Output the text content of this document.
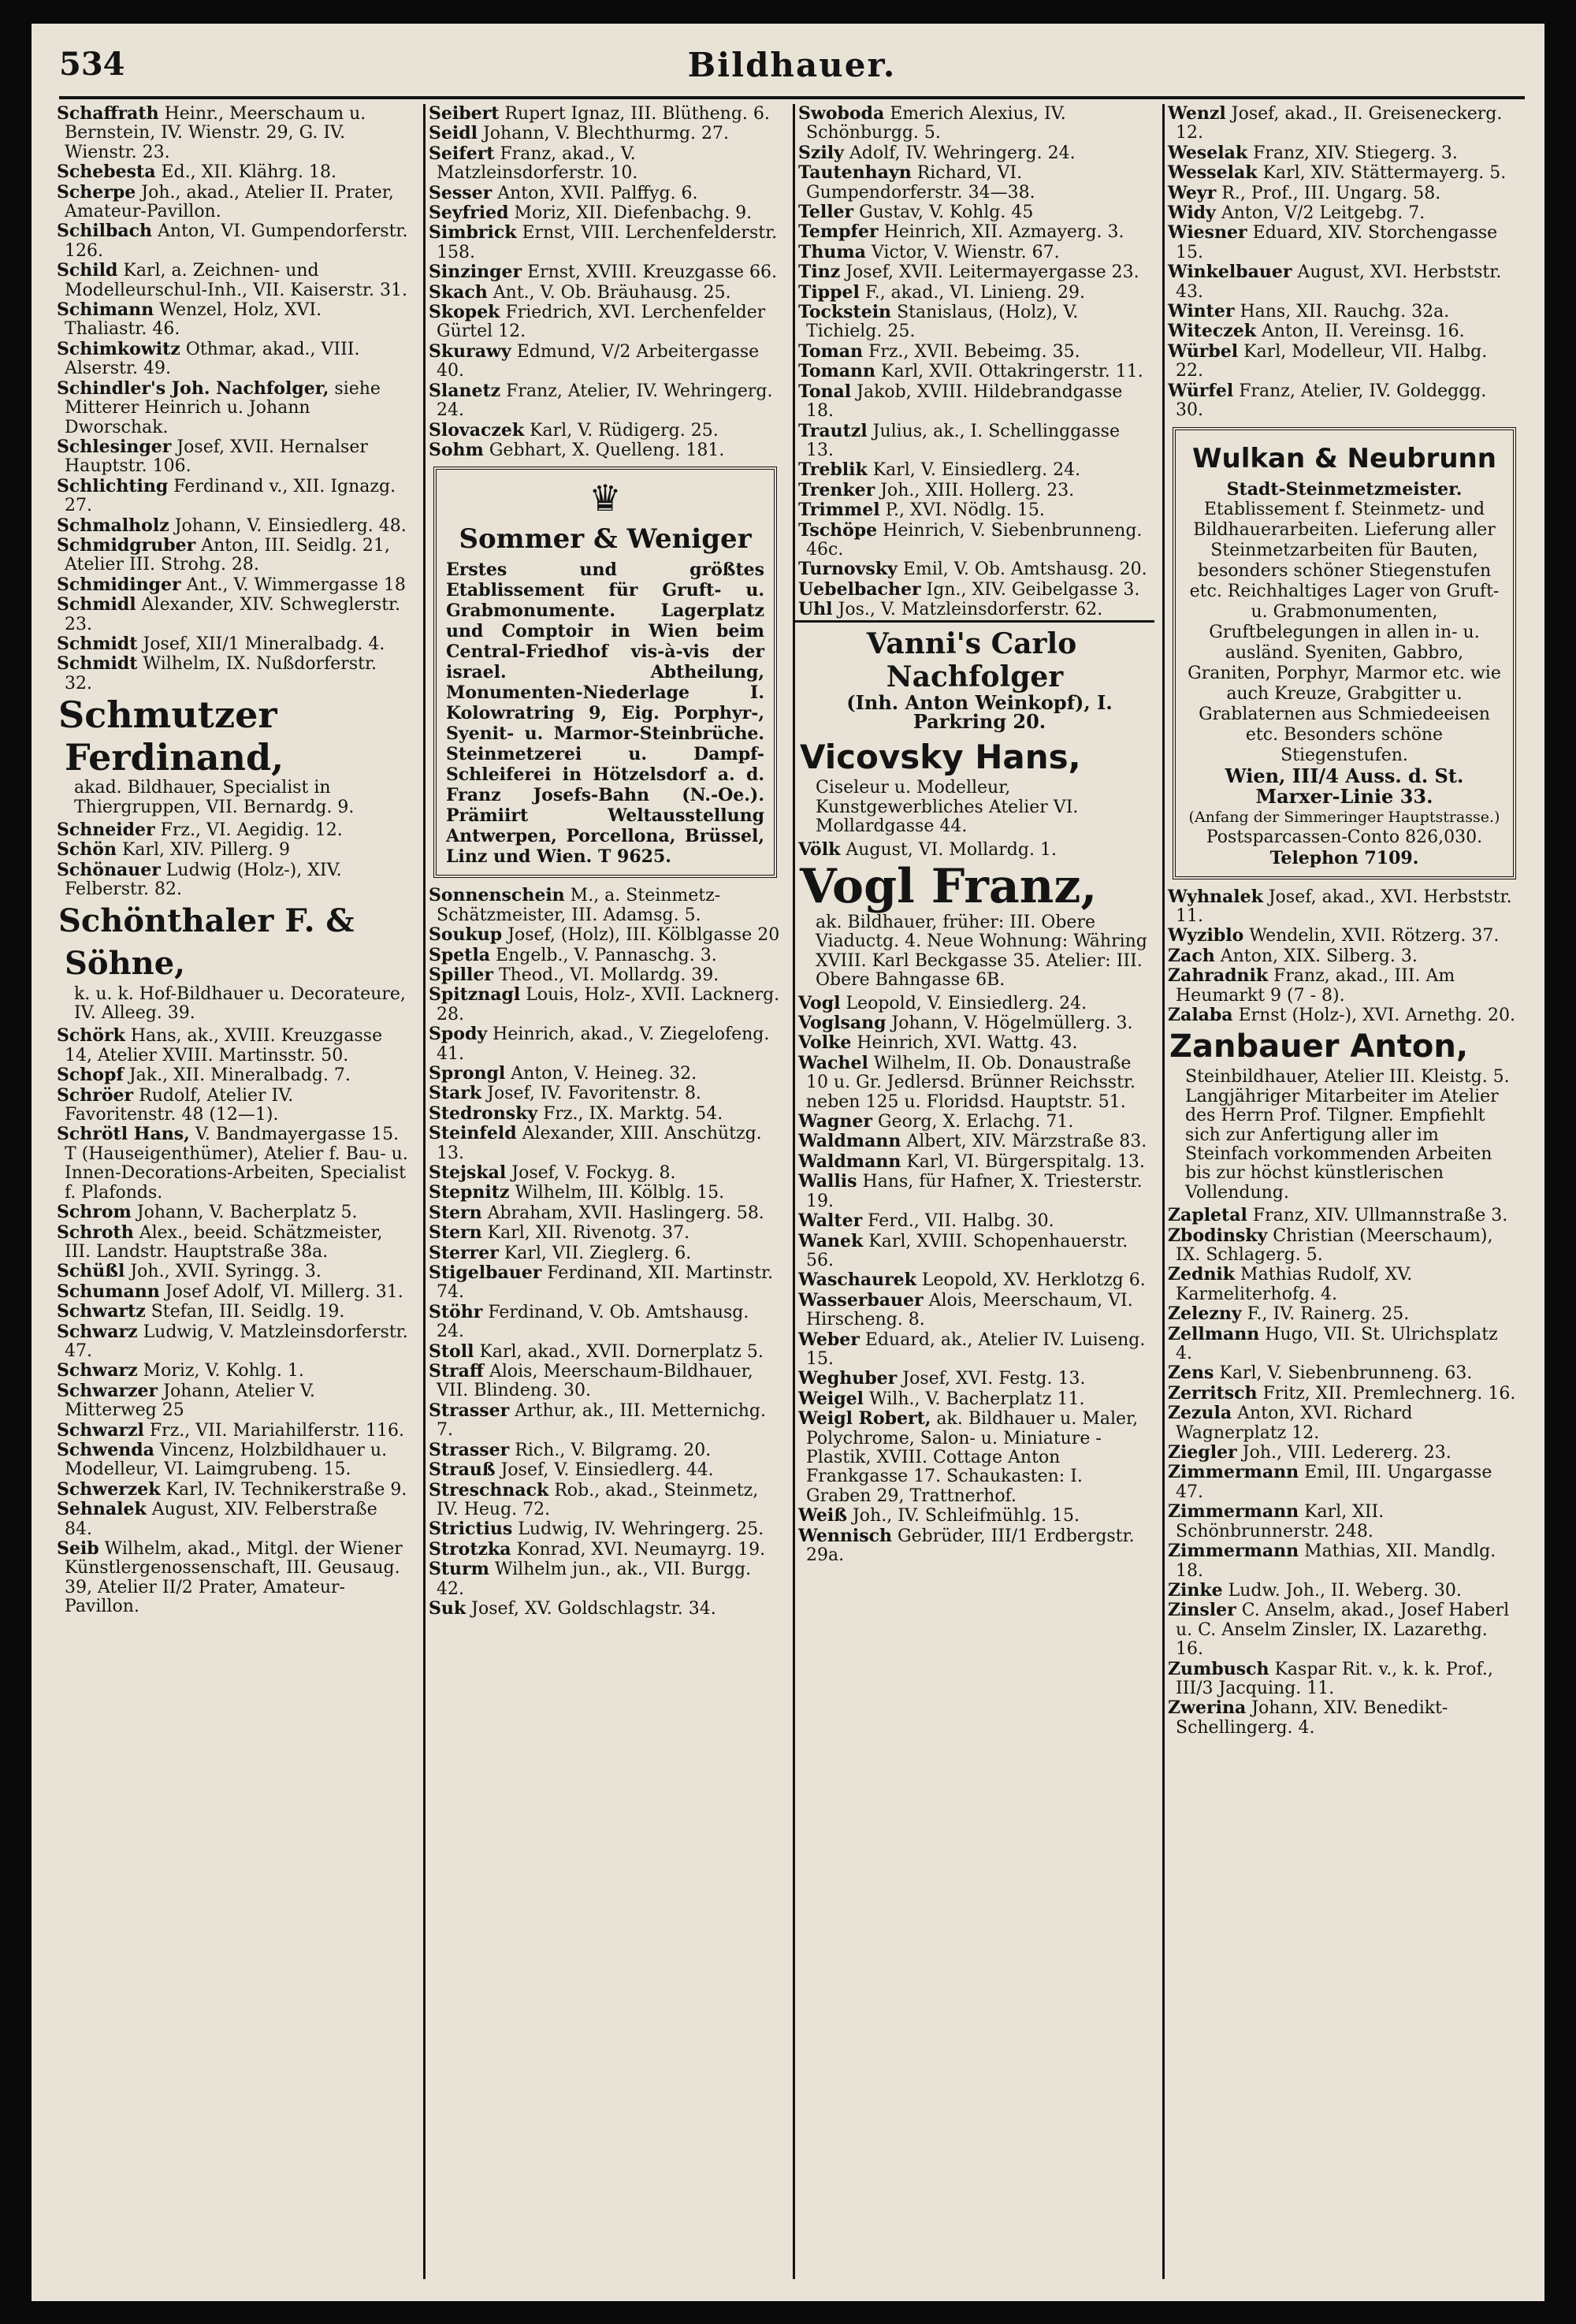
534	Bildhauer.
Schaffrath Heinr., Meerschaum u. Bernstein, IV. Wienstr. 29, G. IV. Wienstr. 23.
Schebesta Ed., XII. Klährg. 18.
Scherpe Joh., akad., Atelier II. Prater, Amateur-Pavillon.
Schilbach Anton, VI. Gumpendorferstr. 126.
Schild Karl, a. Zeichnen- und Modelleurschul-Inh., VII. Kaiserstr. 31.
Schimann Wenzel, Holz, XVI. Thaliastr. 46.
Schimkowitz Othmar, akad., VIII. Alserstr. 49.
Schindler's Joh. Nachfolger, siehe Mitterer Heinrich u. Johann Dworschak.
Schlesinger Josef, XVII. Hernalser Hauptstr. 106.
Schlichting Ferdinand v., XII. Ignazg. 27.
Schmalholz Johann, V. Einsiedlerg. 48.
Schmidgruber Anton, III. Seidlg. 21, Atelier III. Strohg. 28.
Schmidinger Ant., V. Wimmergasse 18
Schmidl Alexander, XIV. Schweglerstr. 23.
Schmidt Josef, XII/1 Mineralbadg. 4.
Schmidt Wilhelm, IX. Nußdorferstr. 32.
Schmutzer Ferdinand,
akad. Bildhauer, Specialist in Thiergruppen, VII. Bernardg. 9.
Schneider Frz., VI. Aegidig. 12.
Schön Karl, XIV. Pillerg. 9
Schönauer Ludwig (Holz-), XIV. Felberstr. 82.
Schönthaler F. & Söhne,
k. u. k. Hof-Bildhauer u. Decorateure, IV. Alleeg. 39.
Schörk Hans, ak., XVIII. Kreuzgasse 14, Atelier XVIII. Martinsstr. 50.
Schopf Jak., XII. Mineralbadg. 7.
Schröer Rudolf, Atelier IV. Favoritenstr. 48 (12—1).
Schrötl Hans, V. Bandmayergasse 15. T (Hauseigenthümer), Atelier f. Bau- u. Innen-Decorations-Arbeiten, Specialist f. Plafonds.
Schrom Johann, V. Bacherplatz 5.
Schroth Alex., beeid. Schätzmeister, III. Landstr. Hauptstraße 38a.
Schüßl Joh., XVII. Syringg. 3.
Schumann Josef Adolf, VI. Millerg. 31.
Schwartz Stefan, III. Seidlg. 19.
Schwarz Ludwig, V. Matzleinsdorferstr. 47.
Schwarz Moriz, V. Kohlg. 1.
Schwarzer Johann, Atelier V. Mitterweg 25
Schwarzl Frz., VII. Mariahilferstr. 116.
Schwenda Vincenz, Holzbildhauer u. Modelleur, VI. Laimgrubeng. 15.
Schwerzek Karl, IV. Technikerstraße 9.
Sehnalek August, XIV. Felberstraße 84.
Seib Wilhelm, akad., Mitgl. der Wiener Künstlergenossenschaft, III. Geusaug. 39, Atelier II/2 Prater, Amateur-Pavillon.
Seibert Rupert Ignaz, III. Blütheng. 6.
Seidl Johann, V. Blechthurmg. 27.
Seifert Franz, akad., V. Matzleinsdorferstr. 10.
Sesser Anton, XVII. Palffyg. 6.
Seyfried Moriz, XII. Diefenbachg. 9.
Simbrick Ernst, VIII. Lerchenfelderstr. 158.
Sinzinger Ernst, XVIII. Kreuzgasse 66.
Skach Ant., V. Ob. Bräuhausg. 25.
Skopek Friedrich, XVI. Lerchenfelder Gürtel 12.
Skurawy Edmund, V/2 Arbeitergasse 40.
Slanetz Franz, Atelier, IV. Wehringerg. 24.
Slovaczek Karl, V. Rüdigerg. 25.
Sohm Gebhart, X. Quelleng. 181.
♛
Sommer & Weniger
Erstes und größtes Etablissement für Gruft- u. Grabmonumente. Lagerplatz und Comptoir in Wien beim Central-Friedhof vis-à-vis der israel. Abtheilung, Monumenten-Niederlage I. Kolowratring 9, Eig. Porphyr-, Syenit- u. Marmor-Steinbrüche. Steinmetzerei u. Dampf-Schleiferei in Hötzelsdorf a. d. Franz Josefs-Bahn (N.-Oe.). Prämiirt Weltausstellung Antwerpen, Porcellona, Brüssel, Linz und Wien. T 9625.
Sonnenschein M., a. Steinmetz-Schätzmeister, III. Adamsg. 5.
Soukup Josef, (Holz), III. Kölblgasse 20
Spetla Engelb., V. Pannaschg. 3.
Spiller Theod., VI. Mollardg. 39.
Spitznagl Louis, Holz-, XVII. Lacknerg. 28.
Spody Heinrich, akad., V. Ziegelofeng. 41.
Sprongl Anton, V. Heineg. 32.
Stark Josef, IV. Favoritenstr. 8.
Stedronsky Frz., IX. Marktg. 54.
Steinfeld Alexander, XIII. Anschützg. 13.
Stejskal Josef, V. Fockyg. 8.
Stepnitz Wilhelm, III. Kölblg. 15.
Stern Abraham, XVII. Haslingerg. 58.
Stern Karl, XII. Rivenotg. 37.
Sterrer Karl, VII. Zieglerg. 6.
Stigelbauer Ferdinand, XII. Martinstr. 74.
Stöhr Ferdinand, V. Ob. Amtshausg. 24.
Stoll Karl, akad., XVII. Dornerplatz 5.
Straff Alois, Meerschaum-Bildhauer, VII. Blindeng. 30.
Strasser Arthur, ak., III. Metternichg. 7.
Strasser Rich., V. Bilgramg. 20.
Strauß Josef, V. Einsiedlerg. 44.
Streschnack Rob., akad., Steinmetz, IV. Heug. 72.
Strictius Ludwig, IV. Wehringerg. 25.
Strotzka Konrad, XVI. Neumayrg. 19.
Sturm Wilhelm jun., ak., VII. Burgg. 42.
Suk Josef, XV. Goldschlagstr. 34.
Swoboda Emerich Alexius, IV. Schönburgg. 5.
Szily Adolf, IV. Wehringerg. 24.
Tautenhayn Richard, VI. Gumpendorferstr. 34—38.
Teller Gustav, V. Kohlg. 45
Tempfer Heinrich, XII. Azmayerg. 3.
Thuma Victor, V. Wienstr. 67.
Tinz Josef, XVII. Leitermayergasse 23.
Tippel F., akad., VI. Linieng. 29.
Tockstein Stanislaus, (Holz), V. Tichielg. 25.
Toman Frz., XVII. Bebeimg. 35.
Tomann Karl, XVII. Ottakringerstr. 11.
Tonal Jakob, XVIII. Hildebrandgasse 18.
Trautzl Julius, ak., I. Schellinggasse 13.
Treblik Karl, V. Einsiedlerg. 24.
Trenker Joh., XIII. Hollerg. 23.
Trimmel P., XVI. Nödlg. 15.
Tschöpe Heinrich, V. Siebenbrunneng. 46c.
Turnovsky Emil, V. Ob. Amtshausg. 20.
Uebelbacher Ign., XIV. Geibelgasse 3.
Uhl Jos., V. Matzleinsdorferstr. 62.
Vanni's Carlo Nachfolger
(Inh. Anton Weinkopf), I. Parkring 20.
Vicovsky Hans,
Ciseleur u. Modelleur, Kunstgewerbliches Atelier VI. Mollardgasse 44.
Völk August, VI. Mollardg. 1.
Vogl Franz,
ak. Bildhauer, früher: III. Obere Viaductg. 4. Neue Wohnung: Währing XVIII. Karl Beckgasse 35. Atelier: III. Obere Bahngasse 6B.
Vogl Leopold, V. Einsiedlerg. 24.
Voglsang Johann, V. Högelmüllerg. 3.
Volke Heinrich, XVI. Wattg. 43.
Wachel Wilhelm, II. Ob. Donaustraße 10 u. Gr. Jedlersd. Brünner Reichsstr. neben 125 u. Floridsd. Hauptstr. 51.
Wagner Georg, X. Erlachg. 71.
Waldmann Albert, XIV. Märzstraße 83.
Waldmann Karl, VI. Bürgerspitalg. 13.
Wallis Hans, für Hafner, X. Triesterstr. 19.
Walter Ferd., VII. Halbg. 30.
Wanek Karl, XVIII. Schopenhauerstr. 56.
Waschaurek Leopold, XV. Herklotzg 6.
Wasserbauer Alois, Meerschaum, VI. Hirscheng. 8.
Weber Eduard, ak., Atelier IV. Luiseng. 15.
Weghuber Josef, XVI. Festg. 13.
Weigel Wilh., V. Bacherplatz 11.
Weigl Robert, ak. Bildhauer u. Maler, Polychrome, Salon- u. Miniature - Plastik, XVIII. Cottage Anton Frankgasse 17. Schaukasten: I. Graben 29, Trattnerhof.
Weiß Joh., IV. Schleifmühlg. 15.
Wennisch Gebrüder, III/1 Erdbergstr. 29a.
Wenzl Josef, akad., II. Greiseneckerg. 12.
Weselak Franz, XIV. Stiegerg. 3.
Wesselak Karl, XIV. Stättermayerg. 5.
Weyr R., Prof., III. Ungarg. 58.
Widy Anton, V/2 Leitgebg. 7.
Wiesner Eduard, XIV. Storchengasse 15.
Winkelbauer August, XVI. Herbststr. 43.
Winter Hans, XII. Rauchg. 32a.
Witeczek Anton, II. Vereinsg. 16.
Würbel Karl, Modelleur, VII. Halbg. 22.
Würfel Franz, Atelier, IV. Goldeggg. 30.
Wulkan & Neubrunn
Stadt-Steinmetzmeister.
Etablissement f. Steinmetz- und Bildhauerarbeiten. Lieferung aller Steinmetzarbeiten für Bauten, besonders schöner Stiegenstufen etc. Reichhaltiges Lager von Gruft- u. Grabmonumenten, Gruftbelegungen in allen in- u. ausländ. Syeniten, Gabbro, Graniten, Porphyr, Marmor etc. wie auch Kreuze, Grabgitter u. Grablaternen aus Schmiedeeisen etc. Besonders schöne Stiegenstufen.
Wien, III/4 Auss. d. St. Marxer-Linie 33.
(Anfang der Simmeringer Hauptstrasse.)
Postsparcassen-Conto 826,030.
Telephon 7109.
Wyhnalek Josef, akad., XVI. Herbststr. 11.
Wyziblo Wendelin, XVII. Rötzerg. 37.
Zach Anton, XIX. Silberg. 3.
Zahradnik Franz, akad., III. Am Heumarkt 9 (7 - 8).
Zalaba Ernst (Holz-), XVI. Arnethg. 20.
Zanbauer Anton,
Steinbildhauer, Atelier III. Kleistg. 5. Langjähriger Mitarbeiter im Atelier des Herrn Prof. Tilgner. Empfiehlt sich zur Anfertigung aller im Steinfach vorkommenden Arbeiten bis zur höchst künstlerischen Vollendung.
Zapletal Franz, XIV. Ullmannstraße 3.
Zbodinsky Christian (Meerschaum), IX. Schlagerg. 5.
Zednik Mathias Rudolf, XV. Karmeliterhofg. 4.
Zelezny F., IV. Rainerg. 25.
Zellmann Hugo, VII. St. Ulrichsplatz 4.
Zens Karl, V. Siebenbrunneng. 63.
Zerritsch Fritz, XII. Premlechnerg. 16.
Zezula Anton, XVI. Richard Wagnerplatz 12.
Ziegler Joh., VIII. Ledererg. 23.
Zimmermann Emil, III. Ungargasse 47.
Zimmermann Karl, XII. Schönbrunnerstr. 248.
Zimmermann Mathias, XII. Mandlg. 18.
Zinke Ludw. Joh., II. Weberg. 30.
Zinsler C. Anselm, akad., Josef Haberl u. C. Anselm Zinsler, IX. Lazarethg. 16.
Zumbusch Kaspar Rit. v., k. k. Prof., III/3 Jacquing. 11.
Zwerina Johann, XIV. Benedikt-Schellingerg. 4.
